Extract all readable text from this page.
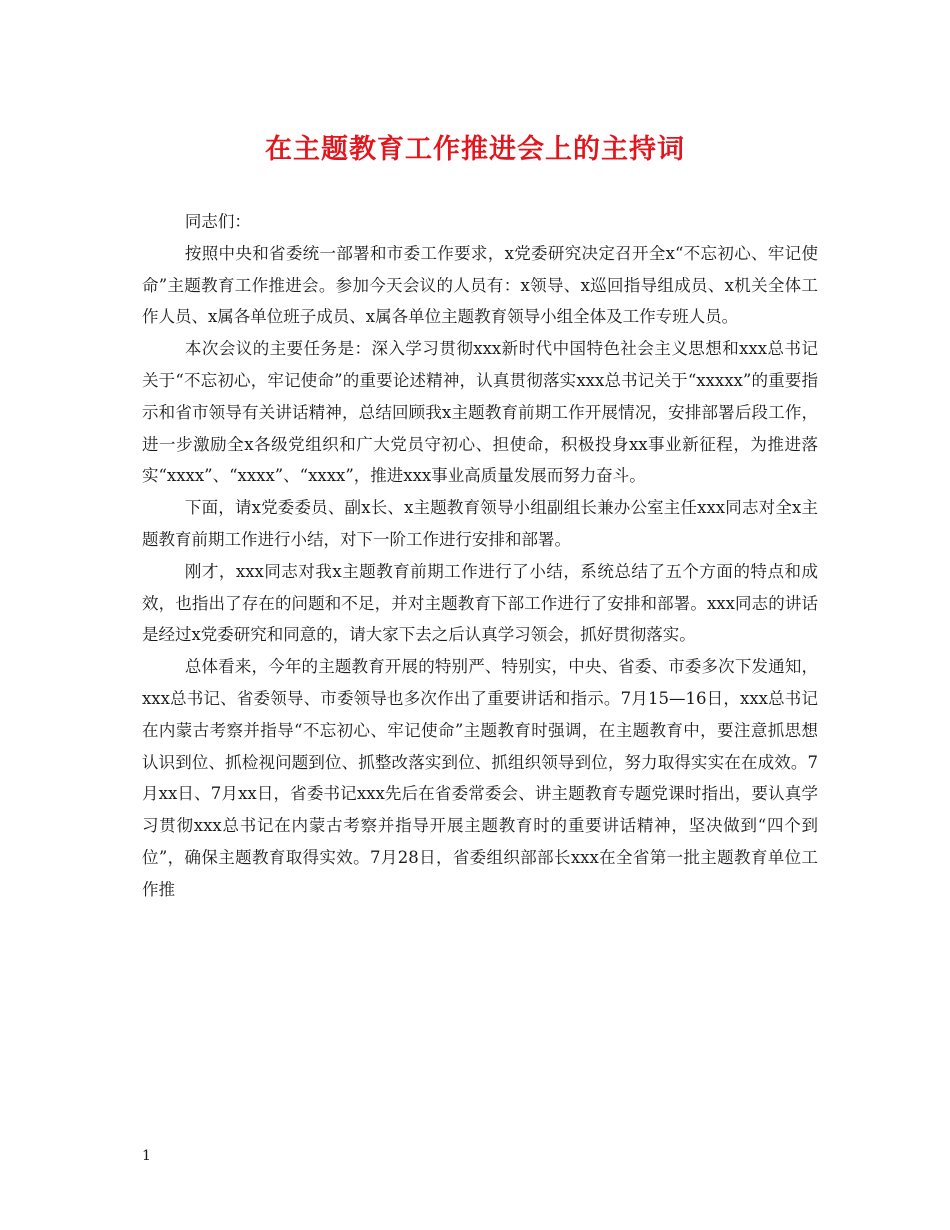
在主题教育工作推进会上的主持词

同志们：

按照中央和省委统一部署和市委工作要求，x党委研究决定召开全x“不忘初心、牢记使命”主题教育工作推进会。参加今天会议的人员有：x领导、x巡回指导组成员、x机关全体工作人员、x属各单位班子成员、x属各单位主题教育领导小组全体及工作专班人员。

本次会议的主要任务是：深入学习贯彻xxx新时代中国特色社会主义思想和xxx总书记关于“不忘初心，牢记使命”的重要论述精神，认真贯彻落实xxx总书记关于“xxxxx”的重要指示和省市领导有关讲话精神，总结回顾我x主题教育前期工作开展情况，安排部署后段工作，进一步激励全x各级党组织和广大党员守初心、担使命，积极投身xx事业新征程，为推进落实“xxxx”、“xxxx”、“xxxx”，推进xxx事业高质量发展而努力奋斗。

下面，请x党委委员、副x长、x主题教育领导小组副组长兼办公室主任xxx同志对全x主题教育前期工作进行小结，对下一阶工作进行安排和部署。

刚才，xxx同志对我x主题教育前期工作进行了小结，系统总结了五个方面的特点和成效，也指出了存在的问题和不足，并对主题教育下部工作进行了安排和部署。xxx同志的讲话是经过x党委研究和同意的，请大家下去之后认真学习领会，抓好贯彻落实。

总体看来，今年的主题教育开展的特别严、特别实，中央、省委、市委多次下发通知，xxx总书记、省委领导、市委领导也多次作出了重要讲话和指示。7月15—16日，xxx总书记在内蒙古考察并指导“不忘初心、牢记使命”主题教育时强调，在主题教育中，要注意抓思想认识到位、抓检视问题到位、抓整改落实到位、抓组织领导到位，努力取得实实在在成效。7月xx日、7月xx日，省委书记xxx先后在省委常委会、讲主题教育专题党课时指出，要认真学习贯彻xxx总书记在内蒙古考察并指导开展主题教育时的重要讲话精神，坚决做到“四个到位”，确保主题教育取得实效。7月28日，省委组织部部长xxx在全省第一批主题教育单位工作推

1
